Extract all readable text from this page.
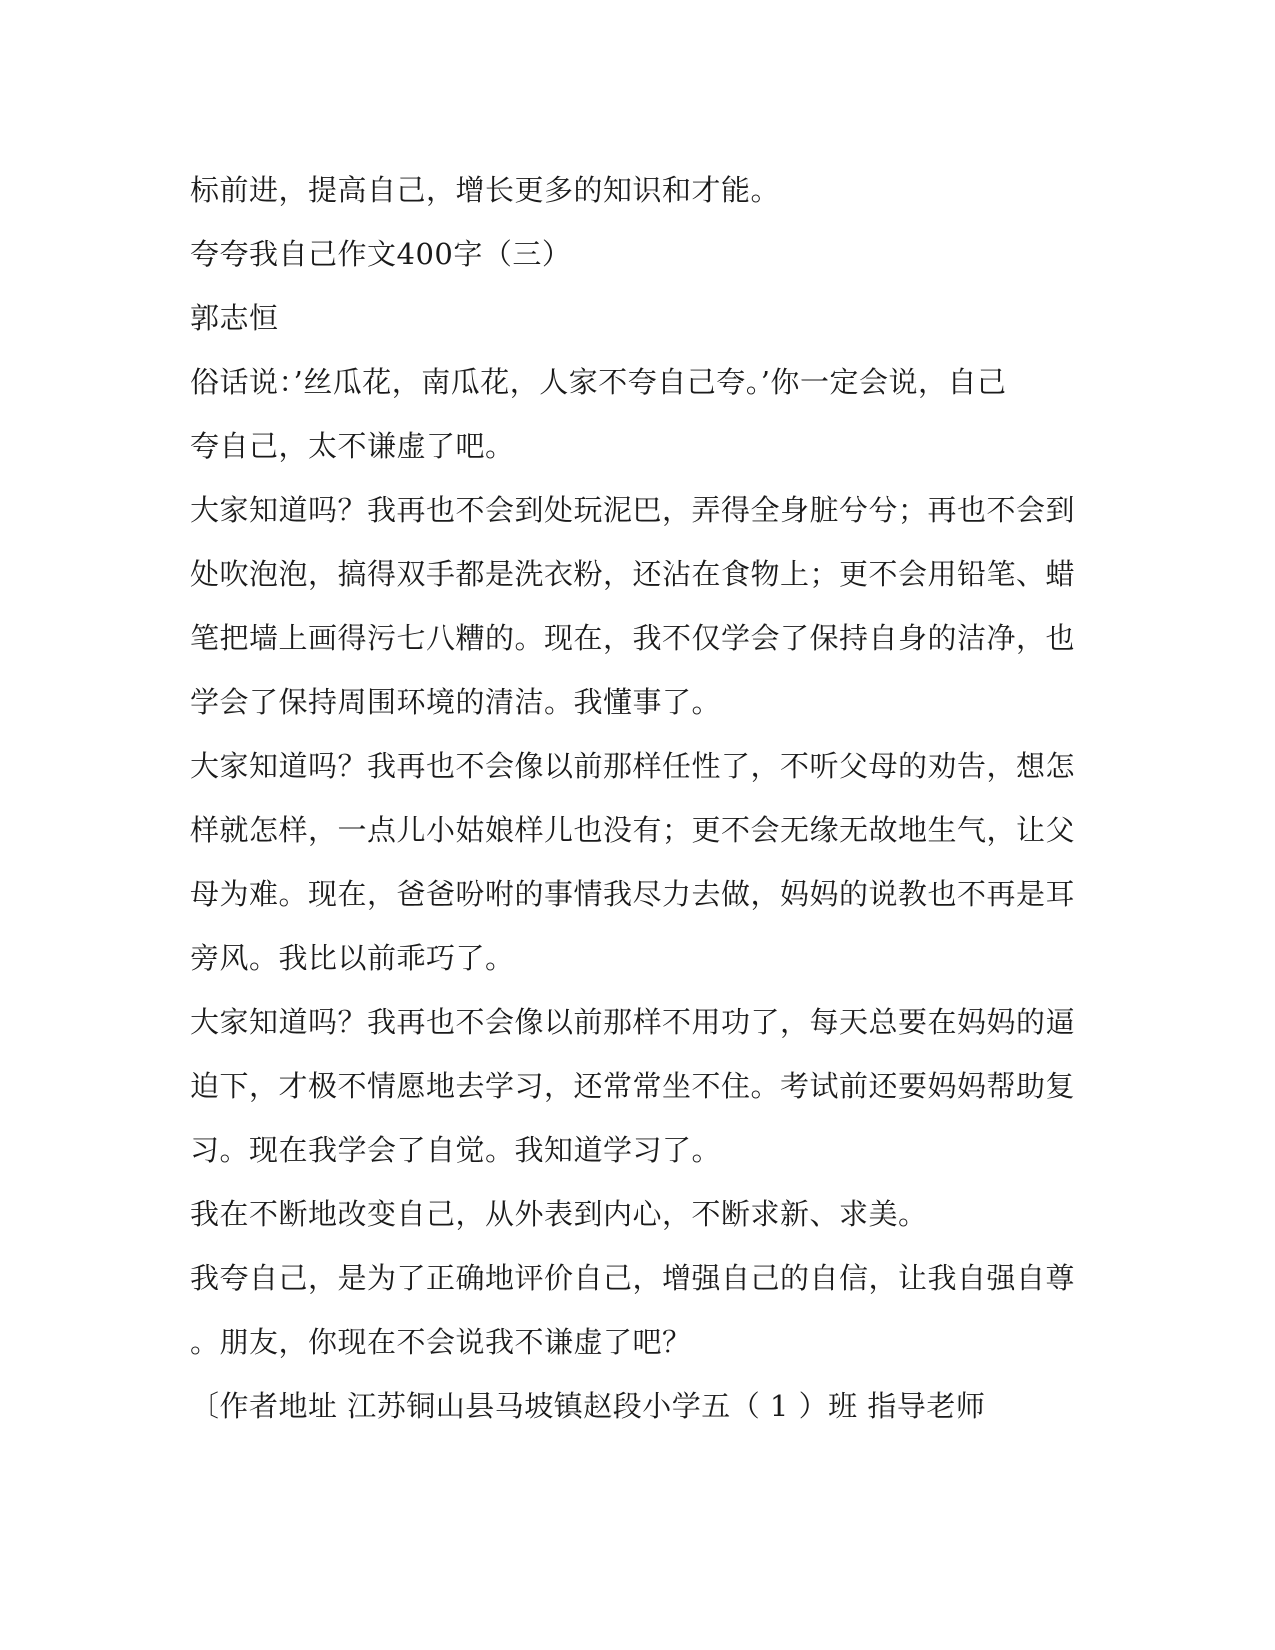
标前进，提高自己，增长更多的知识和才能。
夸夸我自己作文400字（三）
郭志恒
俗话说：’丝瓜花，南瓜花，人家不夸自己夸。’你一定会说，自己
夸自己，太不谦虚了吧。
大家知道吗？我再也不会到处玩泥巴，弄得全身脏兮兮；再也不会到
处吹泡泡，搞得双手都是洗衣粉，还沾在食物上；更不会用铅笔、蜡
笔把墙上画得污七八糟的。现在，我不仅学会了保持自身的洁净，也
学会了保持周围环境的清洁。我懂事了。
大家知道吗？我再也不会像以前那样任性了，不听父母的劝告，想怎
样就怎样，一点儿小姑娘样儿也没有；更不会无缘无故地生气，让父
母为难。现在，爸爸吩咐的事情我尽力去做，妈妈的说教也不再是耳
旁风。我比以前乖巧了。
大家知道吗？我再也不会像以前那样不用功了，每天总要在妈妈的逼
迫下，才极不情愿地去学习，还常常坐不住。考试前还要妈妈帮助复
习。现在我学会了自觉。我知道学习了。
我在不断地改变自己，从外表到内心，不断求新、求美。
我夸自己，是为了正确地评价自己，增强自己的自信，让我自强自尊
。朋友，你现在不会说我不谦虚了吧？
〔作者地址 江苏铜山县马坡镇赵段小学五（ 1 ）班 指导老师
